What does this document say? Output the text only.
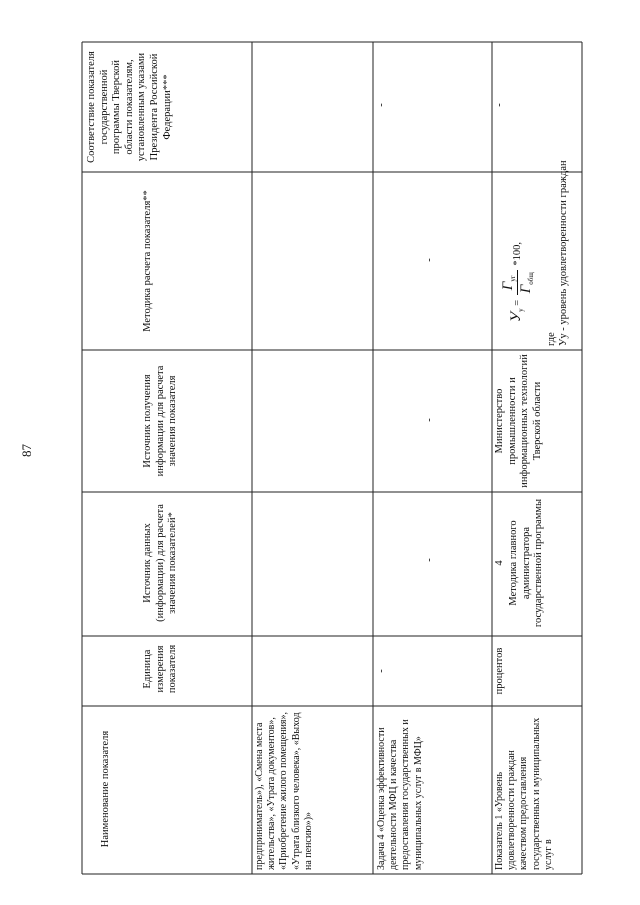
87
Наименование показателя
Единица измерения показателя
Источник данных (информации) для расчета значения показателей*
Источник получения информации для расчета значения показателя
Методика расчета показателя**
Соответствие показателя государственной программы Тверской области показателям, установленным указами Президента Российской Федерации***
предприниматель»), «Смена места жительства», «Утрата документов», «Приобретение жилого помещения», «Утрата близкого человека», «Выход на пенсию»)»	Задача 4 «Оценка эффективности деятельности МФЦ и качества предоставления государственных и муниципальных услуг в МФЦ»
-
-
-
-
-
Показатель 1 «Уровень удовлетворенности граждан качеством предоставления государственных и муниципальных услуг в
процентов
4 Методика главного администратора государственной программы
Министерство промышленности и информационных технологий Тверской области
$У_у$ =
$Г_{уг}$
$Г_{общ}$
*100,
где Уу - уровень удовлетворенности граждан
-
